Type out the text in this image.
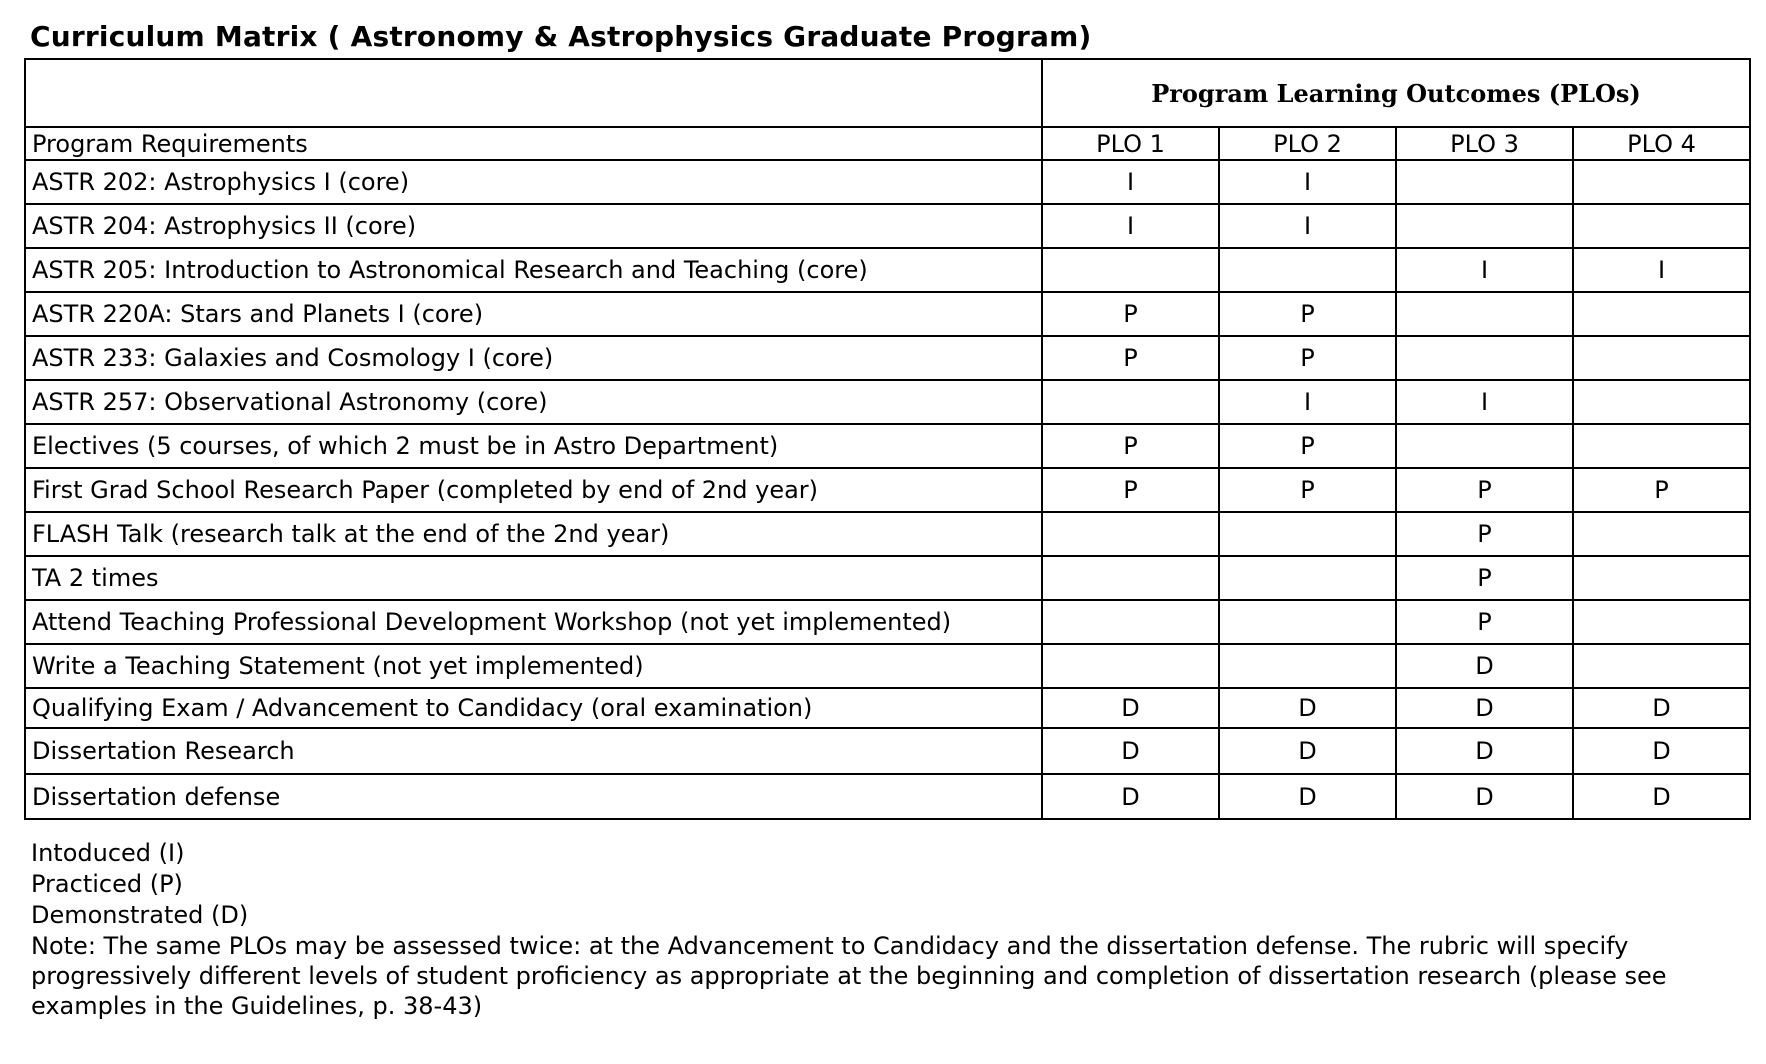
Curriculum Matrix ( Astronomy & Astrophysics Graduate Program)
	Program Learning Outcomes (PLOs)			
Program Requirements	PLO 1	PLO 2	PLO 3	PLO 4
ASTR 202: Astrophysics I (core)	I	I		
ASTR 204: Astrophysics II (core)	I	I		
ASTR 205: Introduction to Astronomical Research and Teaching (core)			I	I
ASTR 220A: Stars and Planets I (core)	P	P		
ASTR 233: Galaxies and Cosmology I (core)	P	P		
ASTR 257: Observational Astronomy (core)		I	I	
Electives (5 courses, of which 2 must be in Astro Department)	P	P		
First Grad School Research Paper (completed by end of 2nd year)	P	P	P	P
FLASH Talk (research talk at the end of the 2nd year)			P	
TA 2 times			P	
Attend Teaching Professional Development Workshop (not yet implemented)			P	
Write a Teaching Statement (not yet implemented)			D	
Qualifying Exam / Advancement to Candidacy (oral examination)	D	D	D	D
Dissertation Research	D	D	D	D
Dissertation defense	D	D	D	D
Intoduced (I)
Practiced (P)
Demonstrated (D)
Note: The same PLOs may be assessed twice: at the Advancement to Candidacy and the dissertation defense. The rubric will specify progressively different levels of student proficiency as appropriate at the beginning and completion of dissertation research (please see examples in the Guidelines, p. 38-43)
